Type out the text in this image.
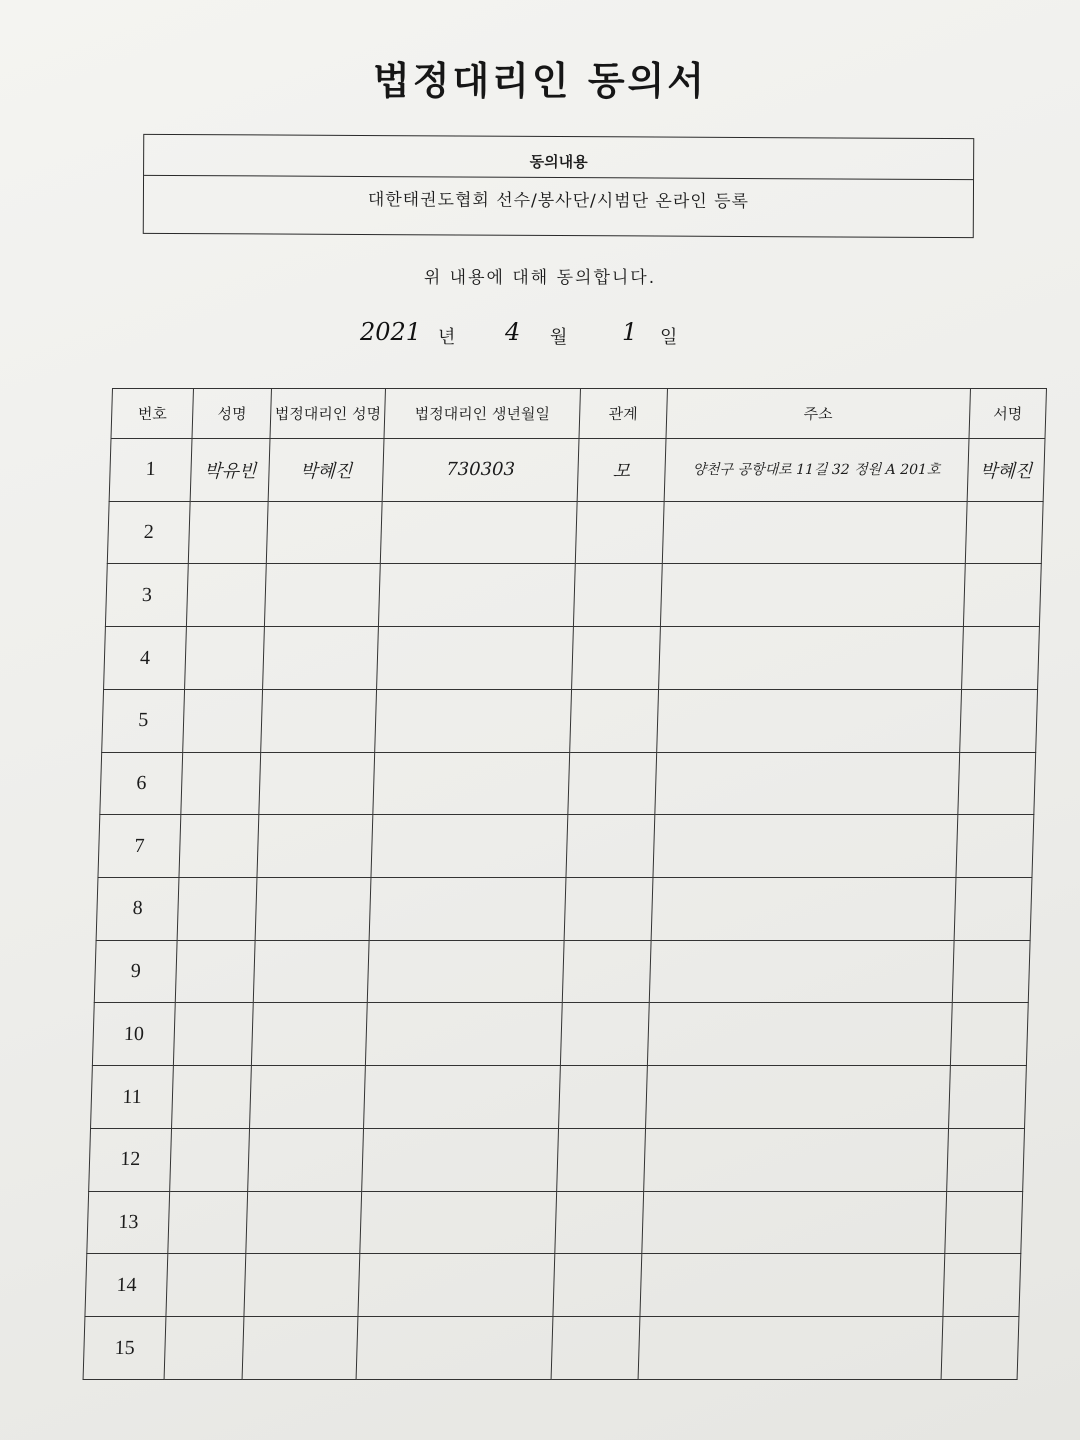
법정대리인 동의서
동의내용
대한태권도협회 선수/봉사단/시범단 온라인 등록
위 내용에 대해 동의합니다.
2021 년 4 월 1 일
번호	성명	법정대리인 성명	법정대리인 생년월일	관계	주소	서명
1	박유빈	박혜진	730303	모	양천구 공항대로 11길 32 정원 A 201호	박혜진
2						
3						
4						
5						
6						
7						
8						
9						
10						
11						
12						
13						
14						
15						
